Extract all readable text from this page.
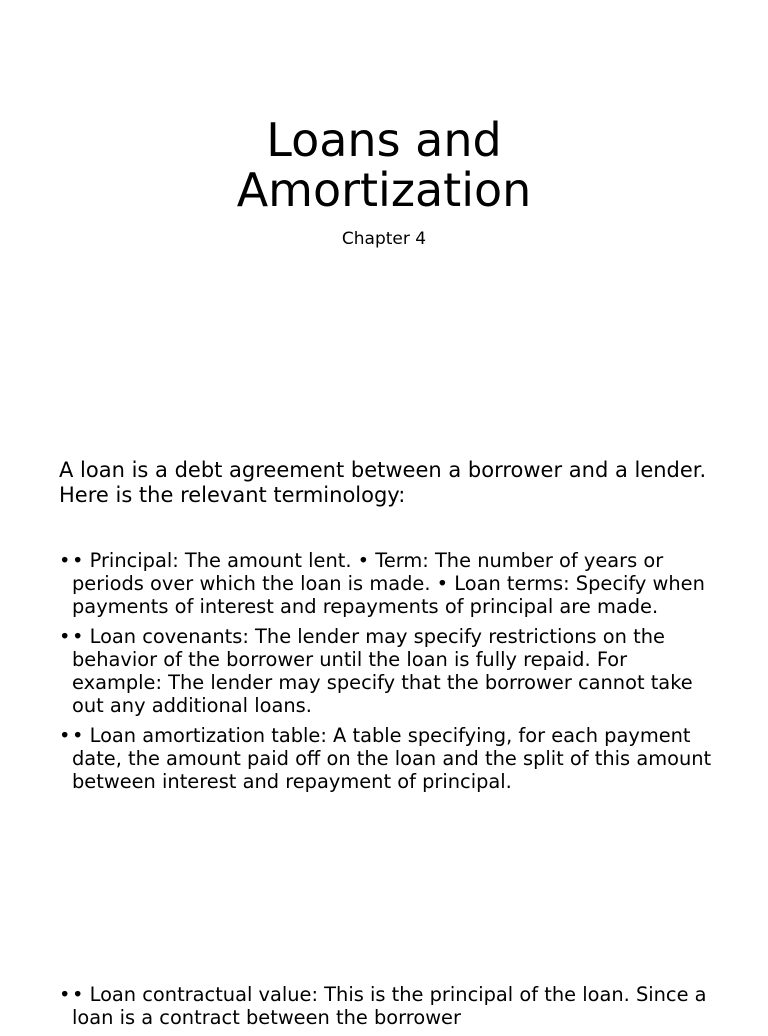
Loans and
Amortization

Chapter 4

A loan is a debt agreement between a borrower and a lender. Here is the relevant terminology:

• • Principal: The amount lent. • Term: The number of years or periods over which the loan is made. • Loan terms: Specify when payments of interest and repayments of principal are made.
• • Loan covenants: The lender may specify restrictions on the behavior of the borrower until the loan is fully repaid. For example: The lender may specify that the borrower cannot take out any additional loans.
• • Loan amortization table: A table specifying, for each payment date, the amount paid off on the loan and the split of this amount between interest and repayment of principal.
• • Loan contractual value: This is the principal of the loan. Since a loan is a contract between the borrower
